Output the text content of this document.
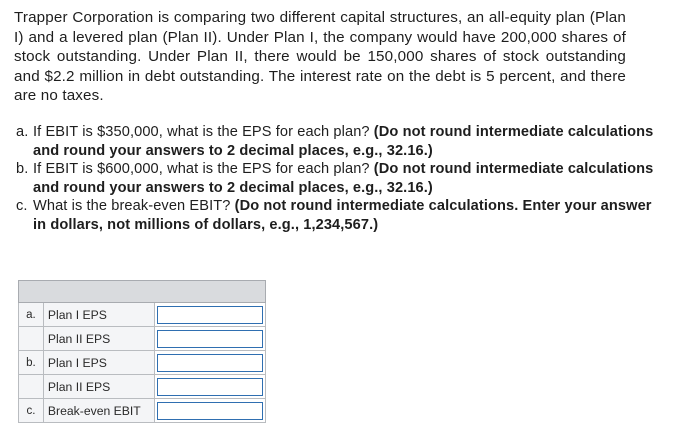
Trapper Corporation is comparing two different capital structures, an all-equity plan (Plan I) and a levered plan (Plan II). Under Plan I, the company would have 200,000 shares of stock outstanding. Under Plan II, there would be 150,000 shares of stock outstanding and $2.2 million in debt outstanding. The interest rate on the debt is 5 percent, and there are no taxes.
a. If EBIT is $350,000, what is the EPS for each plan? (Do not round intermediate calculations and round your answers to 2 decimal places, e.g., 32.16.)
b. If EBIT is $600,000, what is the EPS for each plan? (Do not round intermediate calculations and round your answers to 2 decimal places, e.g., 32.16.)
c. What is the break-even EBIT? (Do not round intermediate calculations. Enter your answer in dollars, not millions of dollars, e.g., 1,234,567.)

a.	Plan I EPS	

	Plan II EPS	

b.	Plan I EPS	

	Plan II EPS	

c.	Break-even EBIT	
